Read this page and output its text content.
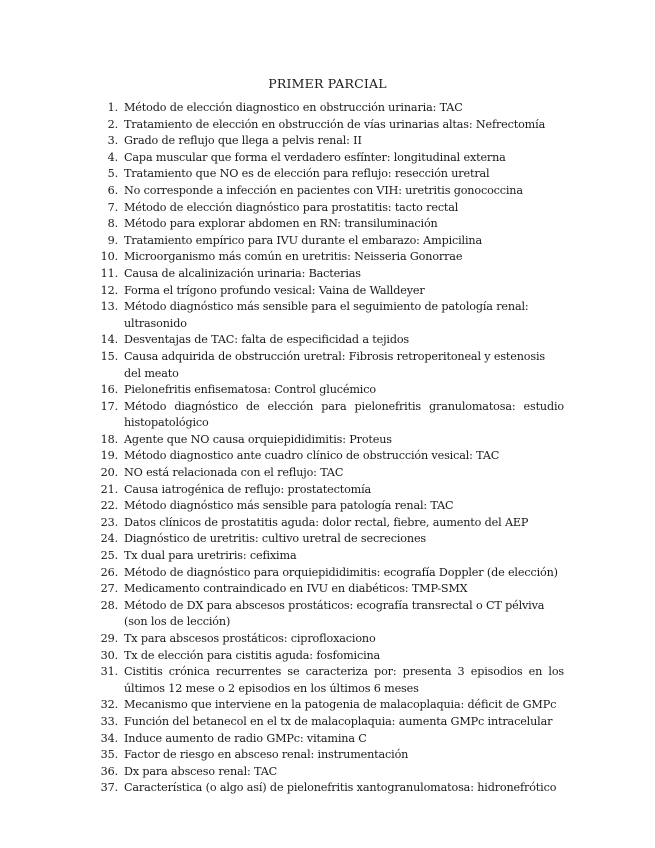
PRIMER PARCIAL
1. Método de elección diagnostico en obstrucción urinaria: TAC
2. Tratamiento de elección en obstrucción de vías urinarias altas: Nefrectomía
3. Grado de reflujo que llega a pelvis renal: II
4. Capa muscular que forma el verdadero esfínter: longitudinal externa
5. Tratamiento que NO es de elección para reflujo: resección uretral
6. No corresponde a infección en pacientes con VIH: uretritis gonococcina
7. Método de elección diagnóstico para prostatitis: tacto rectal
8. Método para explorar abdomen en RN: transiluminación
9. Tratamiento empírico para IVU durante el embarazo: Ampicilina
10. Microorganismo más común en uretritis: Neisseria Gonorrae
11. Causa de alcalinización urinaria: Bacterias
12. Forma el trígono profundo vesical: Vaina de Walldeyer
13. Método diagnóstico más sensible para el seguimiento de patología renal: ultrasonido
14. Desventajas de TAC: falta de especificidad a tejidos
15. Causa adquirida de obstrucción uretral: Fibrosis retroperitoneal y estenosis del meato
16. Pielonefritis enfisematosa: Control glucémico
17. Método diagnóstico de elección para pielonefritis granulomatosa: estudio histopatológico
18. Agente que NO causa orquiepididimitis: Proteus
19. Método diagnostico ante cuadro clínico de obstrucción vesical: TAC
20. NO está relacionada con el reflujo: TAC
21. Causa iatrogénica de reflujo: prostatectomía
22. Método diagnóstico más sensible para patología renal: TAC
23. Datos clínicos de prostatitis aguda: dolor rectal, fiebre, aumento del AEP
24. Diagnóstico de uretritis: cultivo uretral de secreciones
25. Tx dual para uretriris: cefixima
26. Método de diagnóstico para orquiepididimitis: ecografía Doppler (de elección)
27. Medicamento contraindicado en IVU en diabéticos: TMP-SMX
28. Método de DX para abscesos prostáticos: ecografía transrectal o CT pélviva (son los de lección)
29. Tx para abscesos prostáticos: ciprofloxaciono
30. Tx de elección para cistitis aguda: fosfomicina
31. Cistitis crónica recurrentes se caracteriza por: presenta 3 episodios en los últimos 12 mese o 2 episodios en los últimos 6 meses
32. Mecanismo que interviene en la patogenia de malacoplaquia: déficit de GMPc
33. Función del betanecol en el tx de malacoplaquia: aumenta GMPc intracelular
34. Induce aumento de radio GMPc: vitamina C
35. Factor de riesgo en absceso renal: instrumentación
36. Dx para absceso renal: TAC
37. Característica (o algo así) de pielonefritis xantogranulomatosa: hidronefrótico
